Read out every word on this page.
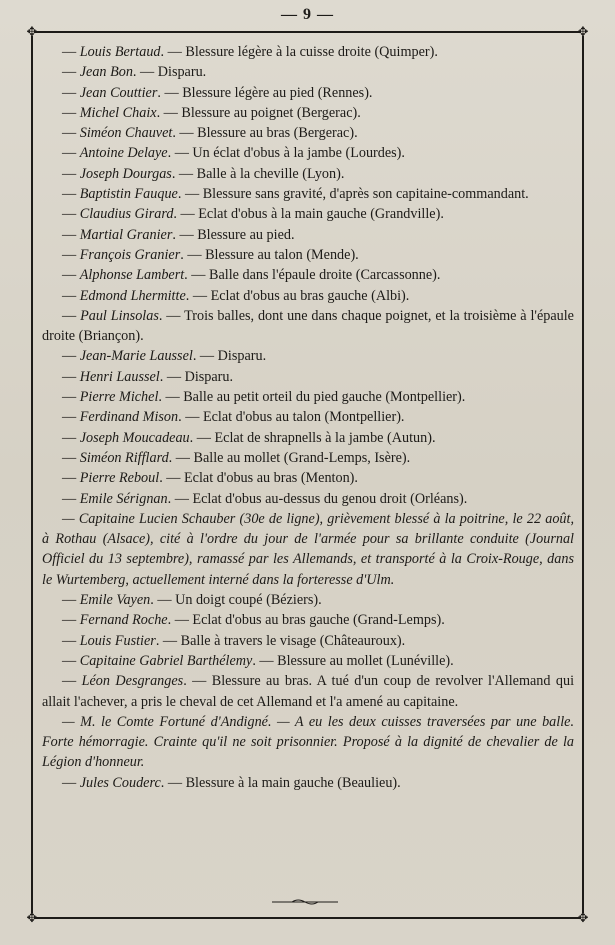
— 9 —
✥	✥
✥	✥

— Louis Bertaud. — Blessure légère à la cuisse droite (Quimper).

— Jean Bon. — Disparu.

— Jean Couttier. — Blessure légère au pied (Rennes).

— Michel Chaix. — Blessure au poignet (Bergerac).

— Siméon Chauvet. — Blessure au bras (Bergerac).

— Antoine Delaye. — Un éclat d'obus à la jambe (Lourdes).

— Joseph Dourgas. — Balle à la cheville (Lyon).

— Baptistin Fauque. — Blessure sans gravité, d'après son capitaine-commandant.

— Claudius Girard. — Eclat d'obus à la main gauche (Grandville).

— Martial Granier. — Blessure au pied.

— François Granier. — Blessure au talon (Mende).

— Alphonse Lambert. — Balle dans l'épaule droite (Carcassonne).

— Edmond Lhermitte. — Eclat d'obus au bras gauche (Albi).

— Paul Linsolas. — Trois balles, dont une dans chaque poignet, et la troisième à l'épaule droite (Briançon).

— Jean-Marie Laussel. — Disparu.

— Henri Laussel. — Disparu.

— Pierre Michel. — Balle au petit orteil du pied gauche (Montpellier).

— Ferdinand Mison. — Eclat d'obus au talon (Montpellier).

— Joseph Moucadeau. — Eclat de shrapnells à la jambe (Autun).

— Siméon Rifflard. — Balle au mollet (Grand-Lemps, Isère).

— Pierre Reboul. — Eclat d'obus au bras (Menton).

— Emile Sérignan. — Eclat d'obus au-dessus du genou droit (Orléans).

— Capitaine Lucien Schauber (30e de ligne), grièvement blessé à la poitrine, le 22 août, à Rothau (Alsace), cité à l'ordre du jour de l'armée pour sa brillante conduite (Journal Officiel du 13 septembre), ramassé par les Allemands, et transporté à la Croix-Rouge, dans le Wurtemberg, actuellement interné dans la forteresse d'Ulm.

— Emile Vayen. — Un doigt coupé (Béziers).

— Fernand Roche. — Eclat d'obus au bras gauche (Grand-Lemps).

— Louis Fustier. — Balle à travers le visage (Châteauroux).

— Capitaine Gabriel Barthélemy. — Blessure au mollet (Lunéville).

— Léon Desgranges. — Blessure au bras. A tué d'un coup de revolver l'Allemand qui allait l'achever, a pris le cheval de cet Allemand et l'a amené au capitaine.

— M. le Comte Fortuné d'Andigné. — A eu les deux cuisses traversées par une balle. Forte hémorragie. Crainte qu'il ne soit prisonnier. Proposé à la dignité de chevalier de la Légion d'honneur.

— Jules Couderc. — Blessure à la main gauche (Beaulieu).
